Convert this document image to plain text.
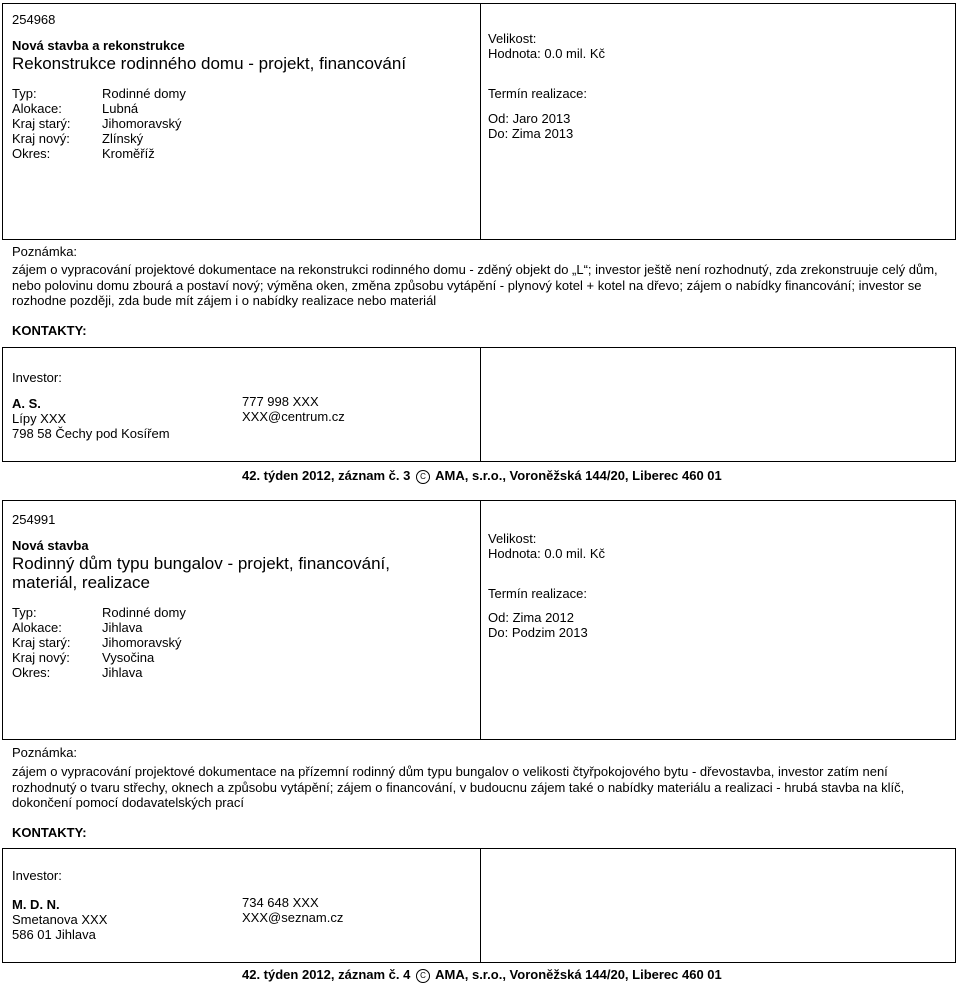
254968
Nová stavba a rekonstrukce
Rekonstrukce rodinného domu - projekt, financování
Typ:	Rodinné domy
Alokace:	Lubná
Kraj starý: Jihomoravský
Kraj nový: Zlínský
Okres:	Kroměříž
Velikost:
Hodnota: 0.0 mil. Kč
Termín realizace:
Od: Jaro 2013
Do: Zima 2013
Poznámka:
zájem o vypracování projektové dokumentace na rekonstrukci rodinného domu - zděný objekt do „L“; investor ještě není rozhodnutý, zda zrekonstruuje celý dům, nebo polovinu domu zbourá a postaví nový; výměna oken, změna způsobu vytápění - plynový kotel + kotel na dřevo; zájem o nabídky financování; investor se rozhodne později, zda bude mít zájem i o nabídky realizace nebo materiál
KONTAKTY:
Investor:
A. S.
Lípy XXX
798 58 Čechy pod Kosířem
777 998 XXX
XXX@centrum.cz
42. týden 2012, záznam č. 3 C AMA, s.r.o., Voroněžská 144/20, Liberec 460 01
254991
Nová stavba
Rodinný dům typu bungalov - projekt, financování, materiál, realizace
Typ:	Rodinné domy
Alokace:	Jihlava
Kraj starý: Jihomoravský
Kraj nový: Vysočina
Okres:	Jihlava
Velikost:
Hodnota: 0.0 mil. Kč
Termín realizace:
Od: Zima 2012
Do: Podzim 2013
Poznámka:
zájem o vypracování projektové dokumentace na přízemní rodinný dům typu bungalov o velikosti čtyřpokojového bytu - dřevostavba, investor zatím není rozhodnutý o tvaru střechy, oknech a způsobu vytápění; zájem o financování, v budoucnu zájem také o nabídky materiálu a realizaci - hrubá stavba na klíč, dokončení pomocí dodavatelských prací
KONTAKTY:
Investor:
M. D. N.
Smetanova XXX
586 01 Jihlava
734 648 XXX
XXX@seznam.cz
42. týden 2012, záznam č. 4 C AMA, s.r.o., Voroněžská 144/20, Liberec 460 01
